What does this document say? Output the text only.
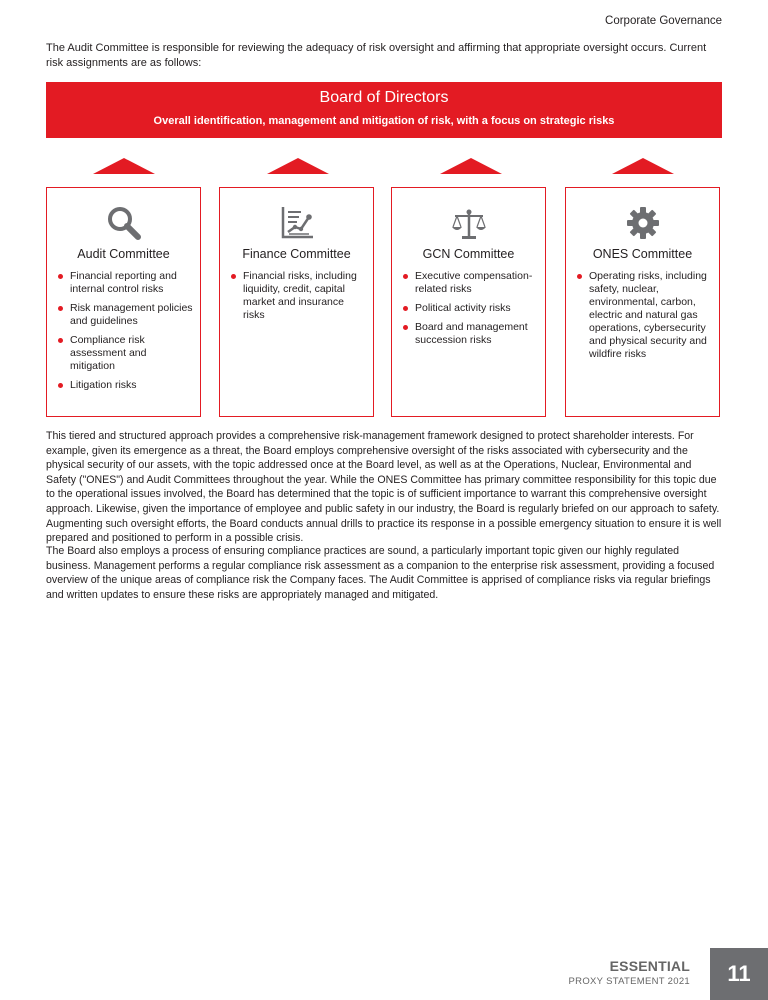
Corporate Governance

The Audit Committee is responsible for reviewing the adequacy of risk oversight and affirming that appropriate oversight occurs. Current risk assignments are as follows:

Board of Directors
Overall identification, management and mitigation of risk, with a focus on strategic risks
Audit Committee
Financial reporting and internal control risks
Risk management policies and guidelines
Compliance risk assessment and mitigation
Litigation risks
Finance Committee
Financial risks, including liquidity, credit, capital market and insurance risks
GCN Committee
Executive compensation-related risks
Political activity risks
Board and management succession risks
ONES Committee
Operating risks, including safety, nuclear, environmental, carbon, electric and natural gas operations, cybersecurity and physical security and wildfire risks

This tiered and structured approach provides a comprehensive risk-management framework designed to protect shareholder interests. For example, given its emergence as a threat, the Board employs comprehensive oversight of the risks associated with cybersecurity and the physical security of our assets, with the topic addressed once at the Board level, as well as at the Operations, Nuclear, Environmental and Safety ("ONES") and Audit Committees throughout the year. While the ONES Committee has primary committee responsibility for this topic due to the operational issues involved, the Board has determined that the topic is of sufficient importance to warrant this comprehensive oversight approach. Likewise, given the importance of employee and public safety in our industry, the Board is regularly briefed on our approach to safety. Augmenting such oversight efforts, the Board conducts annual drills to practice its response in a possible emergency situation to ensure it is well prepared and positioned to perform in a possible crisis.

The Board also employs a process of ensuring compliance practices are sound, a particularly important topic given our highly regulated business. Management performs a regular compliance risk assessment as a companion to the enterprise risk assessment, providing a focused overview of the unique areas of compliance risk the Company faces. The Audit Committee is apprised of compliance risks via regular briefings and written updates to ensure these risks are appropriately managed and mitigated.

ESSENTIAL
PROXY STATEMENT 2021	11
